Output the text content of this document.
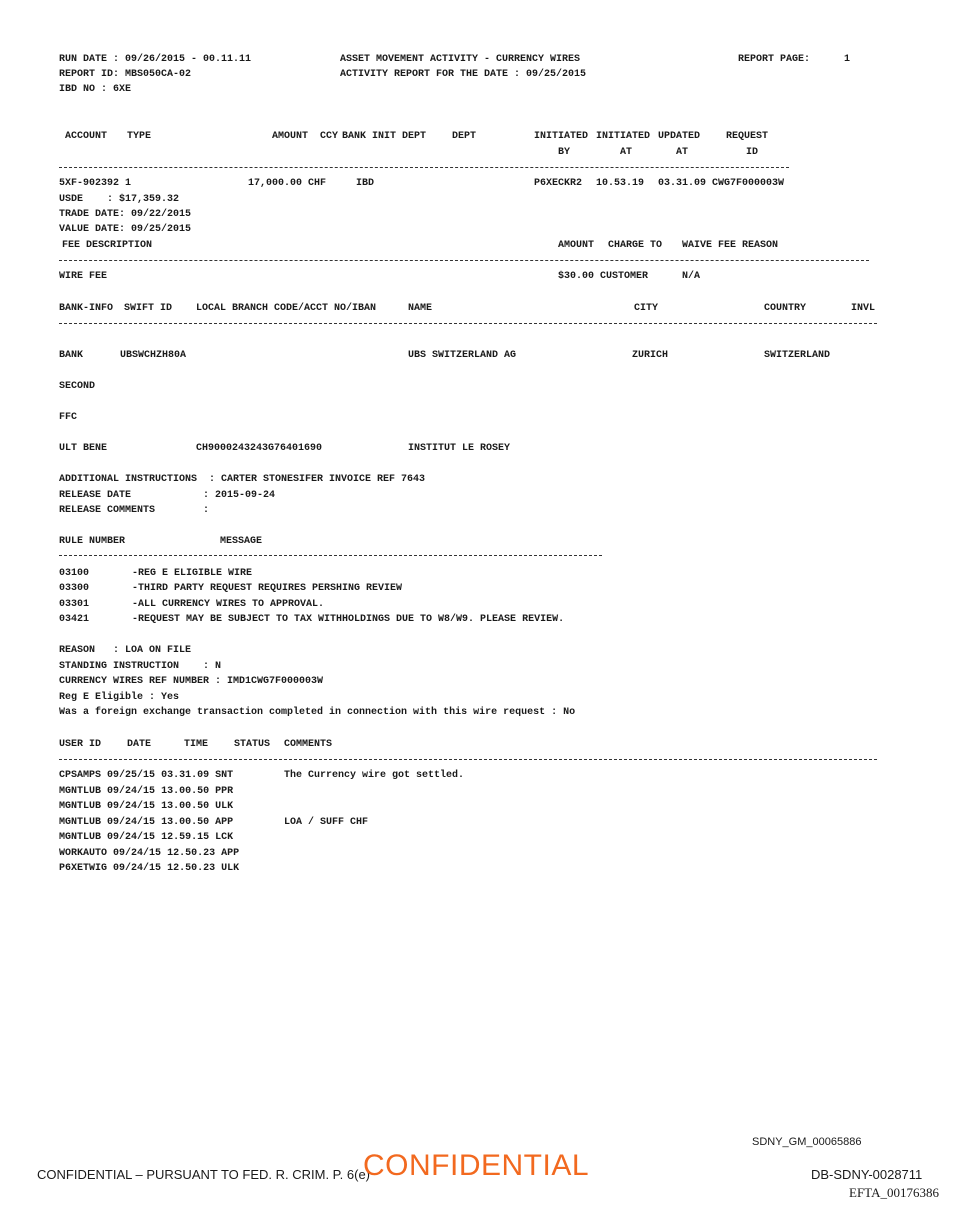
RUN DATE : 09/26/2015 - 00.11.11
REPORT ID: MBS050CA-02
IBD NO : 6XE
ASSET MOVEMENT ACTIVITY - CURRENCY WIRES
ACTIVITY REPORT FOR THE DATE : 09/25/2015
REPORT PAGE:	1
ACCOUNT TYPE	AMOUNT CCY BANK INIT DEPT	DEPT	INITIATED INITIATED UPDATED	REQUEST
BY	AT	AT	ID
5XF-902392 1	17,000.00 CHF	IBD	P6XECKR2 10.53.19 03.31.09 CWG7F000003W
USDE    : $17,359.32
TRADE DATE: 09/22/2015
VALUE DATE: 09/25/2015
FEE DESCRIPTION	AMOUNT CHARGE TO WAIVE FEE REASON
WIRE FEE	$30.00 CUSTOMER	N/A
BANK-INFO SWIFT ID LOCAL BRANCH CODE/ACCT NO/IBAN	NAME	CITY	COUNTRY	INVL
BANK	UBSWCHZH80A	UBS SWITZERLAND AG	ZURICH	SWITZERLAND
SECOND
FFC
ULT BENE	CH9000243243G76401690	INSTITUT LE ROSEY
ADDITIONAL INSTRUCTIONS  : CARTER STONESIFER INVOICE REF 7643
RELEASE DATE            : 2015-09-24
RELEASE COMMENTS        :
RULE NUMBER	MESSAGE
03100	-REG E ELIGIBLE WIRE
03300	-THIRD PARTY REQUEST REQUIRES PERSHING REVIEW
03301	-ALL CURRENCY WIRES TO APPROVAL.
03421	-REQUEST MAY BE SUBJECT TO TAX WITHHOLDINGS DUE TO W8/W9. PLEASE REVIEW.
REASON   : LOA ON FILE
STANDING INSTRUCTION    : N
CURRENCY WIRES REF NUMBER : IMD1CWG7F000003W
Reg E Eligible : Yes
Was a foreign exchange transaction completed in connection with this wire request : No
USER ID	DATE	TIME	STATUS COMMENTS
CPSAMPS 09/25/15 03.31.09 SNT	The Currency wire got settled.
MGNTLUB 09/24/15 13.00.50 PPR
MGNTLUB 09/24/15 13.00.50 ULK
MGNTLUB 09/24/15 13.00.50 APP	LOA / SUFF CHF
MGNTLUB 09/24/15 12.59.15 LCK
WORKAUTO 09/24/15 12.50.23 APP
P6XETWIG 09/24/15 12.50.23 ULK
SDNY_GM_00065886
CONFIDENTIAL – PURSUANT TO FED. R. CRIM. P. 6(e)
CONFIDENTIAL	DB-SDNY-0028711
EFTA_00176386
